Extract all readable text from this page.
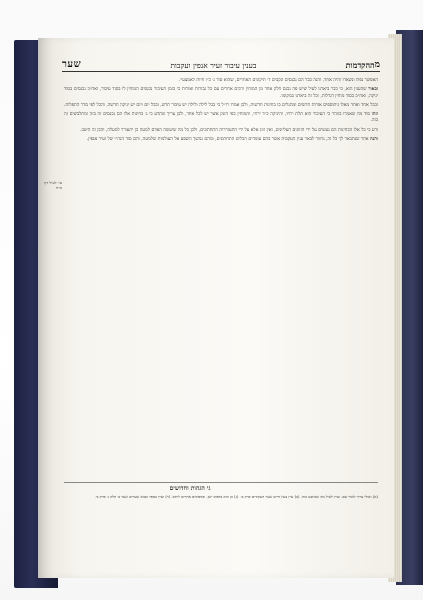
שער	בענין עיבור זעיר אנפין ועקבות	ההקדמות מ
עי׳ לעיל דף מ״ה

האפשר נפלו ונשארו והיה אחד, והנה כבר הם נכנסים ונקבים ד׳ תיקונים האחרים, שהוא סוד ג׳ כ״ו חיות לאמצעי׳.

ובאור שהענין הוא, כי כבר ביארנו לעיל שיש פה נכנס חלק אחד מן המוחין ורבים אחרים עם כל גבורות ואורות כי בזמן העיבור נכנסים המוחין לו בסוד עיבור, ואח״כ נכנסים בסוד יניקה, ואח״כ בסוד מוחין דגדלות, וכל זה ביארנו במקומו.

ובכל אחד ואחד מאלו ניתוספים אורות חדשים ומתגלים בו בחינות חדשות, ולכן אמרו רז״ל כי בכל לילה ולילה יש עיבור חדש, ובכל יום ויום יש יניקה חדשה, והכל לפי סדר התפלות.

וזהו סוד מה שאמרו בזוהר כי העיבור הוא תלת ירחי, והיניקה כ״ד ירחי, והמוחין כפי הזמן אשר יש לכל אחד, ולכן צריך שתדע כי ג׳ בחינות אלו הם נכנסים זה בזה ומתלבשים זה בזה.

ודע כי כל אלו הבחינות הם נעשים על ידי הזווגים העליונים, ואין זווג אלא על ידי התעוררות התחתונים, ולכן כל מה שיעשה האדם למטה כן יתעורר למעלה, והבן זה היטב.

והנה אחר שנתבאר לך כל זה, נחזור לבאר ענין העקבות אשר בהם עומדים הכלים התחתונים, ומהם נמשך השפע אל העולמות שלמטה, והם סוד הנה״י של זעיר אנפין.

גי הגהות וחדושים
(א) ואולי צריך לומר שם. ועיין לעיל מה שכתבנו בזה. (ב) עיין בעץ חיים שער העקודים פרק ב׳. (ג) כן הוא בדפוס ישן, ובדפוסים אחרים ליתא. (ד) ועיין בספר מבוא שערים שער ב׳ חלק ג׳ פרק ב׳.
